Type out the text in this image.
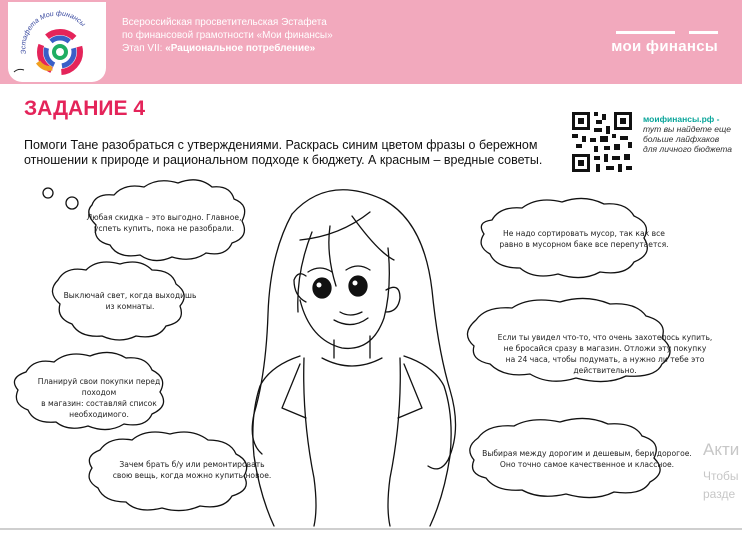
Эстафета Мои финансы	Всероссийская просветительская Эстафета
по финансовой грамотности «Мои финансы»
Этап VII: «Рациональное потребление»	мои финансы
ЗАДАНИЕ 4
Помоги Тане разобраться с утверждениями. Раскрась синим цветом фразы о бережном отношении к природе и рациональном подходе к бюджету. А красным – вредные советы.
моифинансы.рф -
тут вы найдете еще больше лайфхаков для личного бюджета
Любая скидка – это выгодно. Главное,
успеть купить, пока не разобрали.
Выключай свет, когда выходишь
из комнаты.
Планируй свои покупки перед походом
в магазин: составляй список
необходимого.
Зачем брать б/у или ремонтировать
свою вещь, когда можно купить новое.
Не надо сортировать мусор, так как все
равно в мусорном баке все перепутается.
Если ты увидел что-то, что очень захотелось купить,
не бросайся сразу в магазин. Отложи эту покупку
на 24 часа, чтобы подумать, а нужно ли тебе это действительно.
Выбирая между дорогим и дешевым, бери дорогое.
Оно точно самое качественное и классное.
Акти
Чтобы
разде
